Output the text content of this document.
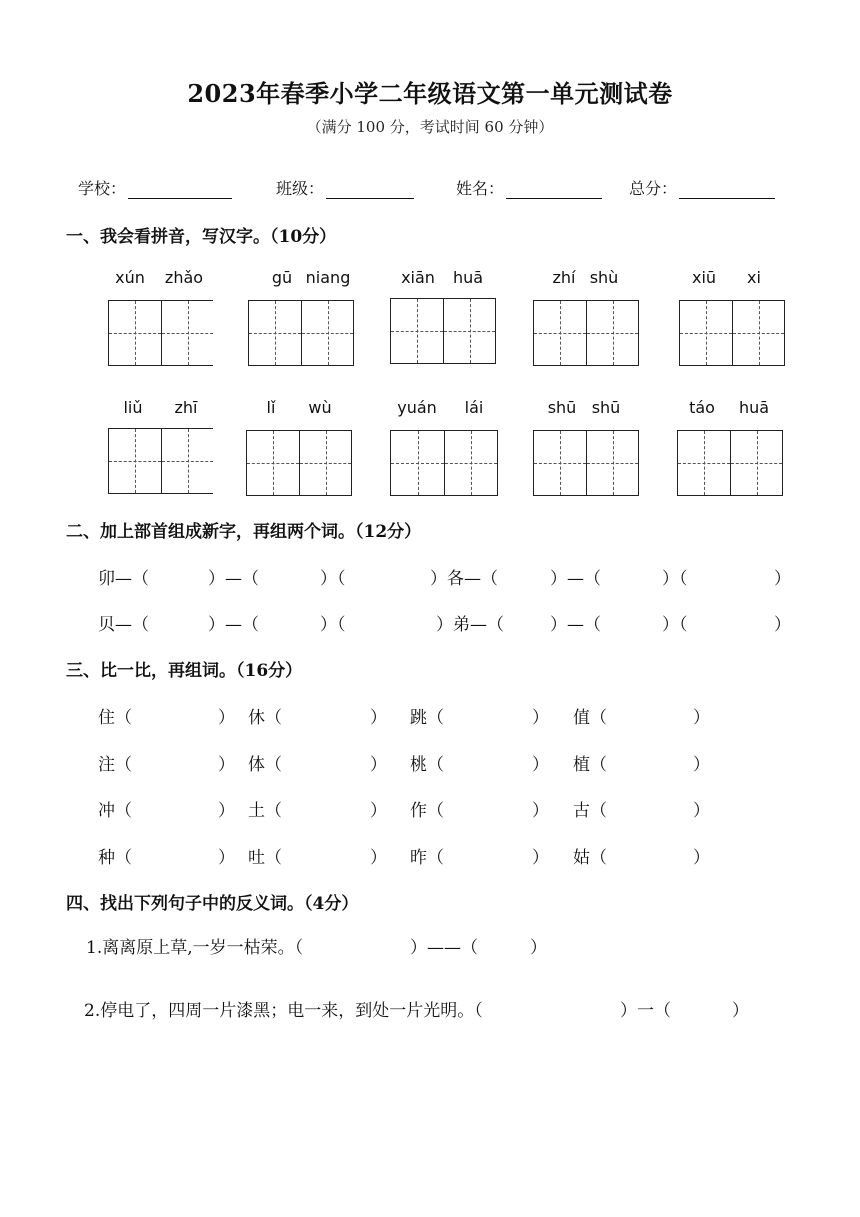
2023年春季小学二年级语文第一单元测试卷
（满分 100 分，考试时间 60 分钟）
学校：	班级：	姓名：	总分：
一、我会看拼音，写汉字。（10分）
xún	zhǎo	gū niang	xiān	huā	zhí shù	xiū	xi
liǔ	zhī	lǐ	wù	yuán	lái	shū shū	táo	huā
二、加上部首组成新字，再组两个词。（12分）
卯—（	）—（	）（	）各—（	）—（	）（	）
贝—（	）—（	）（	）弟—（	）—（	）（	）
三、比一比，再组词。（16分）
住（	） 休（	） 跳（	） 值（	）
注（	） 体（	） 桃（	） 植（	）
冲（	） 土（	） 作（	） 古（	）
种（	） 吐（	） 昨（	） 姑（	）
四、找出下列句子中的反义词。（4分）
1.离离原上草,一岁一枯荣。（	）——（	）
2.停电了，四周一片漆黑；电一来，到处一片光明。（	）一（	）
